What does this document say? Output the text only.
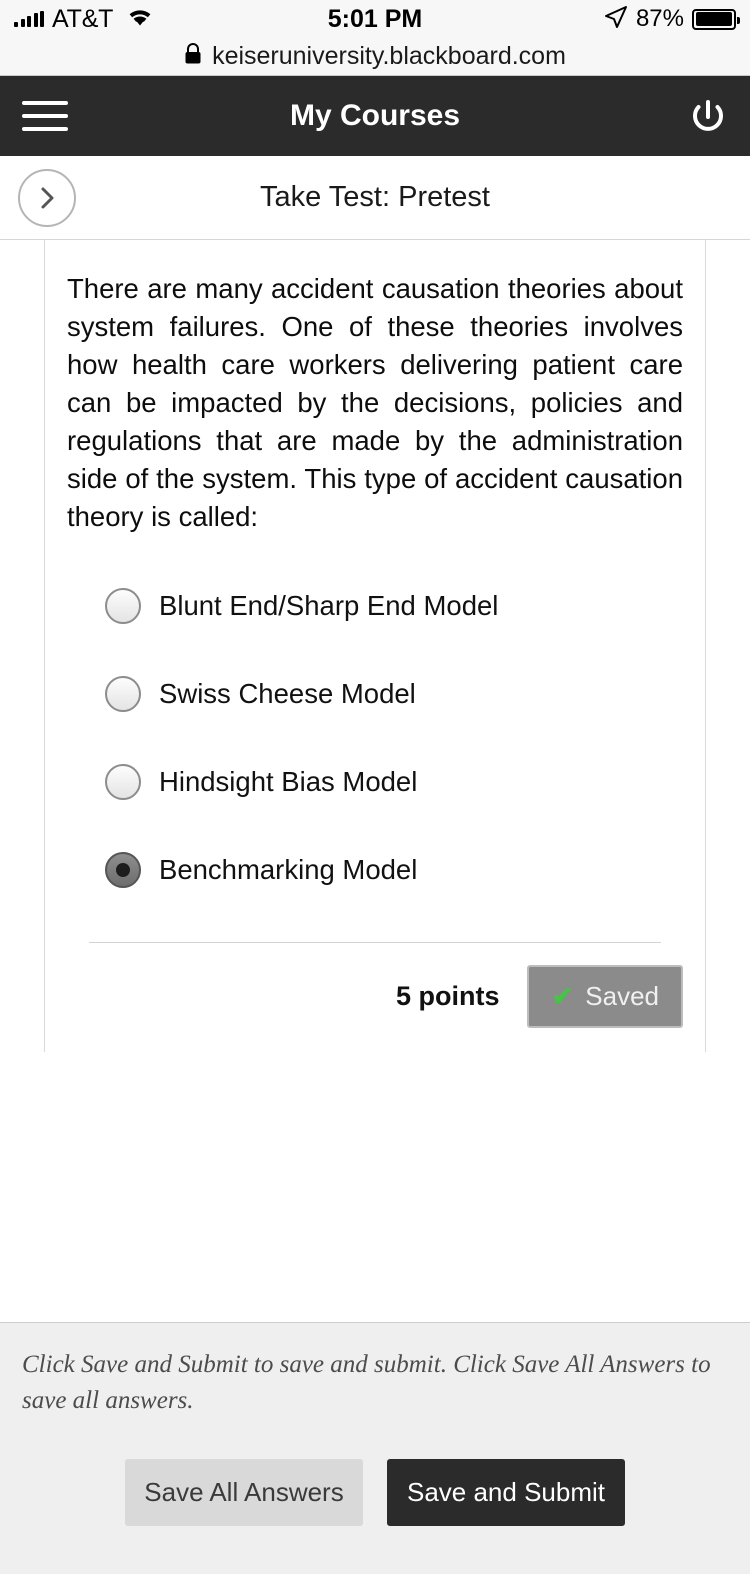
AT&T	5:01 PM	87%
keiseruniversity.blackboard.com
My Courses
Take Test: Pretest

There are many accident causation theories about system failures. One of these theories involves how health care workers delivering patient care can be impacted by the decisions, policies and regulations that are made by the administration side of the system. This type of accident causation theory is called:

Blunt End/Sharp End Model
Swiss Cheese Model
Hindsight Bias Model
Benchmarking Model
5 points ✔ Saved

Click Save and Submit to save and submit. Click Save All Answers to save all answers.

Save All Answers	Save and Submit
